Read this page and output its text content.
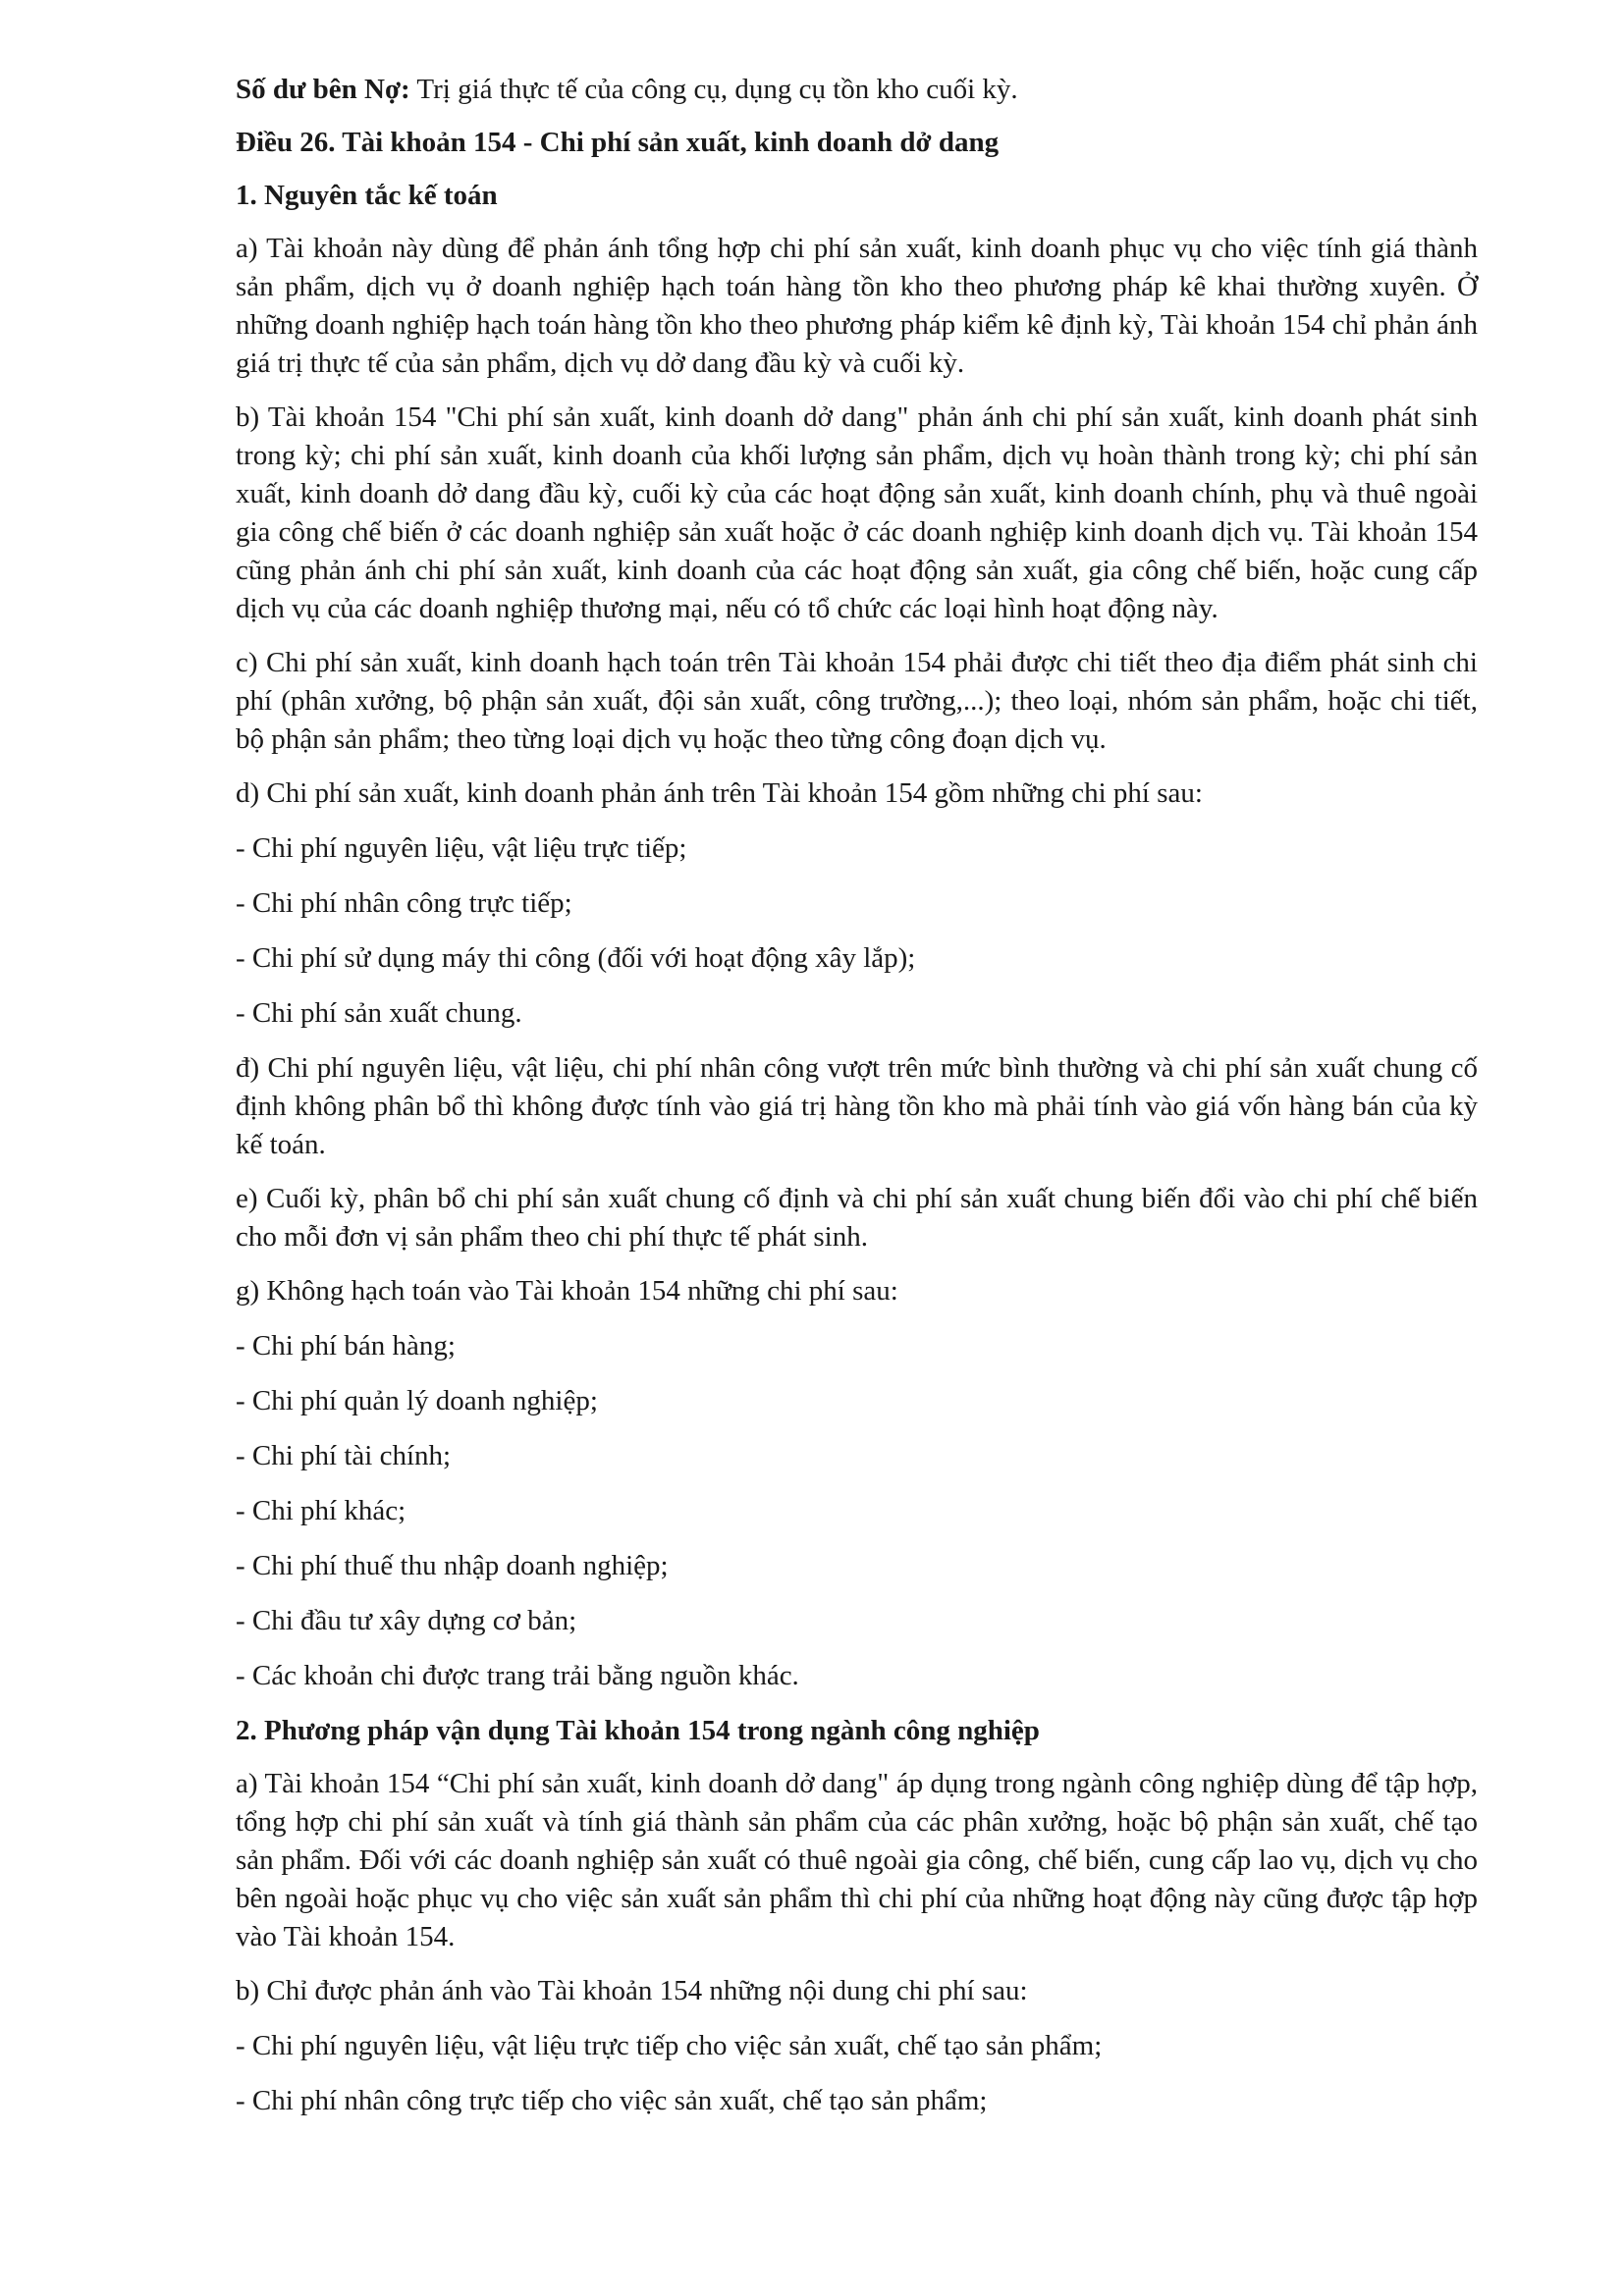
Số dư bên Nợ: Trị giá thực tế của công cụ, dụng cụ tồn kho cuối kỳ.

Điều 26. Tài khoản 154 - Chi phí sản xuất, kinh doanh dở dang
1. Nguyên tắc kế toán

a) Tài khoản này dùng để phản ánh tổng hợp chi phí sản xuất, kinh doanh phục vụ cho việc tính giá thành sản phẩm, dịch vụ ở doanh nghiệp hạch toán hàng tồn kho theo phương pháp kê khai thường xuyên. Ở những doanh nghiệp hạch toán hàng tồn kho theo phương pháp kiểm kê định kỳ, Tài khoản 154 chỉ phản ánh giá trị thực tế của sản phẩm, dịch vụ dở dang đầu kỳ và cuối kỳ.

b) Tài khoản 154 "Chi phí sản xuất, kinh doanh dở dang" phản ánh chi phí sản xuất, kinh doanh phát sinh trong kỳ; chi phí sản xuất, kinh doanh của khối lượng sản phẩm, dịch vụ hoàn thành trong kỳ; chi phí sản xuất, kinh doanh dở dang đầu kỳ, cuối kỳ của các hoạt động sản xuất, kinh doanh chính, phụ và thuê ngoài gia công chế biến ở các doanh nghiệp sản xuất hoặc ở các doanh nghiệp kinh doanh dịch vụ. Tài khoản 154 cũng phản ánh chi phí sản xuất, kinh doanh của các hoạt động sản xuất, gia công chế biến, hoặc cung cấp dịch vụ của các doanh nghiệp thương mại, nếu có tổ chức các loại hình hoạt động này.

c) Chi phí sản xuất, kinh doanh hạch toán trên Tài khoản 154 phải được chi tiết theo địa điểm phát sinh chi phí (phân xưởng, bộ phận sản xuất, đội sản xuất, công trường,...); theo loại, nhóm sản phẩm, hoặc chi tiết, bộ phận sản phẩm; theo từng loại dịch vụ hoặc theo từng công đoạn dịch vụ.

d) Chi phí sản xuất, kinh doanh phản ánh trên Tài khoản 154 gồm những chi phí sau:

- Chi phí nguyên liệu, vật liệu trực tiếp;

- Chi phí nhân công trực tiếp;

- Chi phí sử dụng máy thi công (đối với hoạt động xây lắp);

- Chi phí sản xuất chung.

đ) Chi phí nguyên liệu, vật liệu, chi phí nhân công vượt trên mức bình thường và chi phí sản xuất chung cố định không phân bổ thì không được tính vào giá trị hàng tồn kho mà phải tính vào giá vốn hàng bán của kỳ kế toán.

e) Cuối kỳ, phân bổ chi phí sản xuất chung cố định và chi phí sản xuất chung biến đổi vào chi phí chế biến cho mỗi đơn vị sản phẩm theo chi phí thực tế phát sinh.

g) Không hạch toán vào Tài khoản 154 những chi phí sau:

- Chi phí bán hàng;

- Chi phí quản lý doanh nghiệp;

- Chi phí tài chính;

- Chi phí khác;

- Chi phí thuế thu nhập doanh nghiệp;

- Chi đầu tư xây dựng cơ bản;

- Các khoản chi được trang trải bằng nguồn khác.

2. Phương pháp vận dụng Tài khoản 154 trong ngành công nghiệp

a) Tài khoản 154 “Chi phí sản xuất, kinh doanh dở dang" áp dụng trong ngành công nghiệp dùng để tập hợp, tổng hợp chi phí sản xuất và tính giá thành sản phẩm của các phân xưởng, hoặc bộ phận sản xuất, chế tạo sản phẩm. Đối với các doanh nghiệp sản xuất có thuê ngoài gia công, chế biến, cung cấp lao vụ, dịch vụ cho bên ngoài hoặc phục vụ cho việc sản xuất sản phẩm thì chi phí của những hoạt động này cũng được tập hợp vào Tài khoản 154.

b) Chỉ được phản ánh vào Tài khoản 154 những nội dung chi phí sau:

- Chi phí nguyên liệu, vật liệu trực tiếp cho việc sản xuất, chế tạo sản phẩm;

- Chi phí nhân công trực tiếp cho việc sản xuất, chế tạo sản phẩm;
